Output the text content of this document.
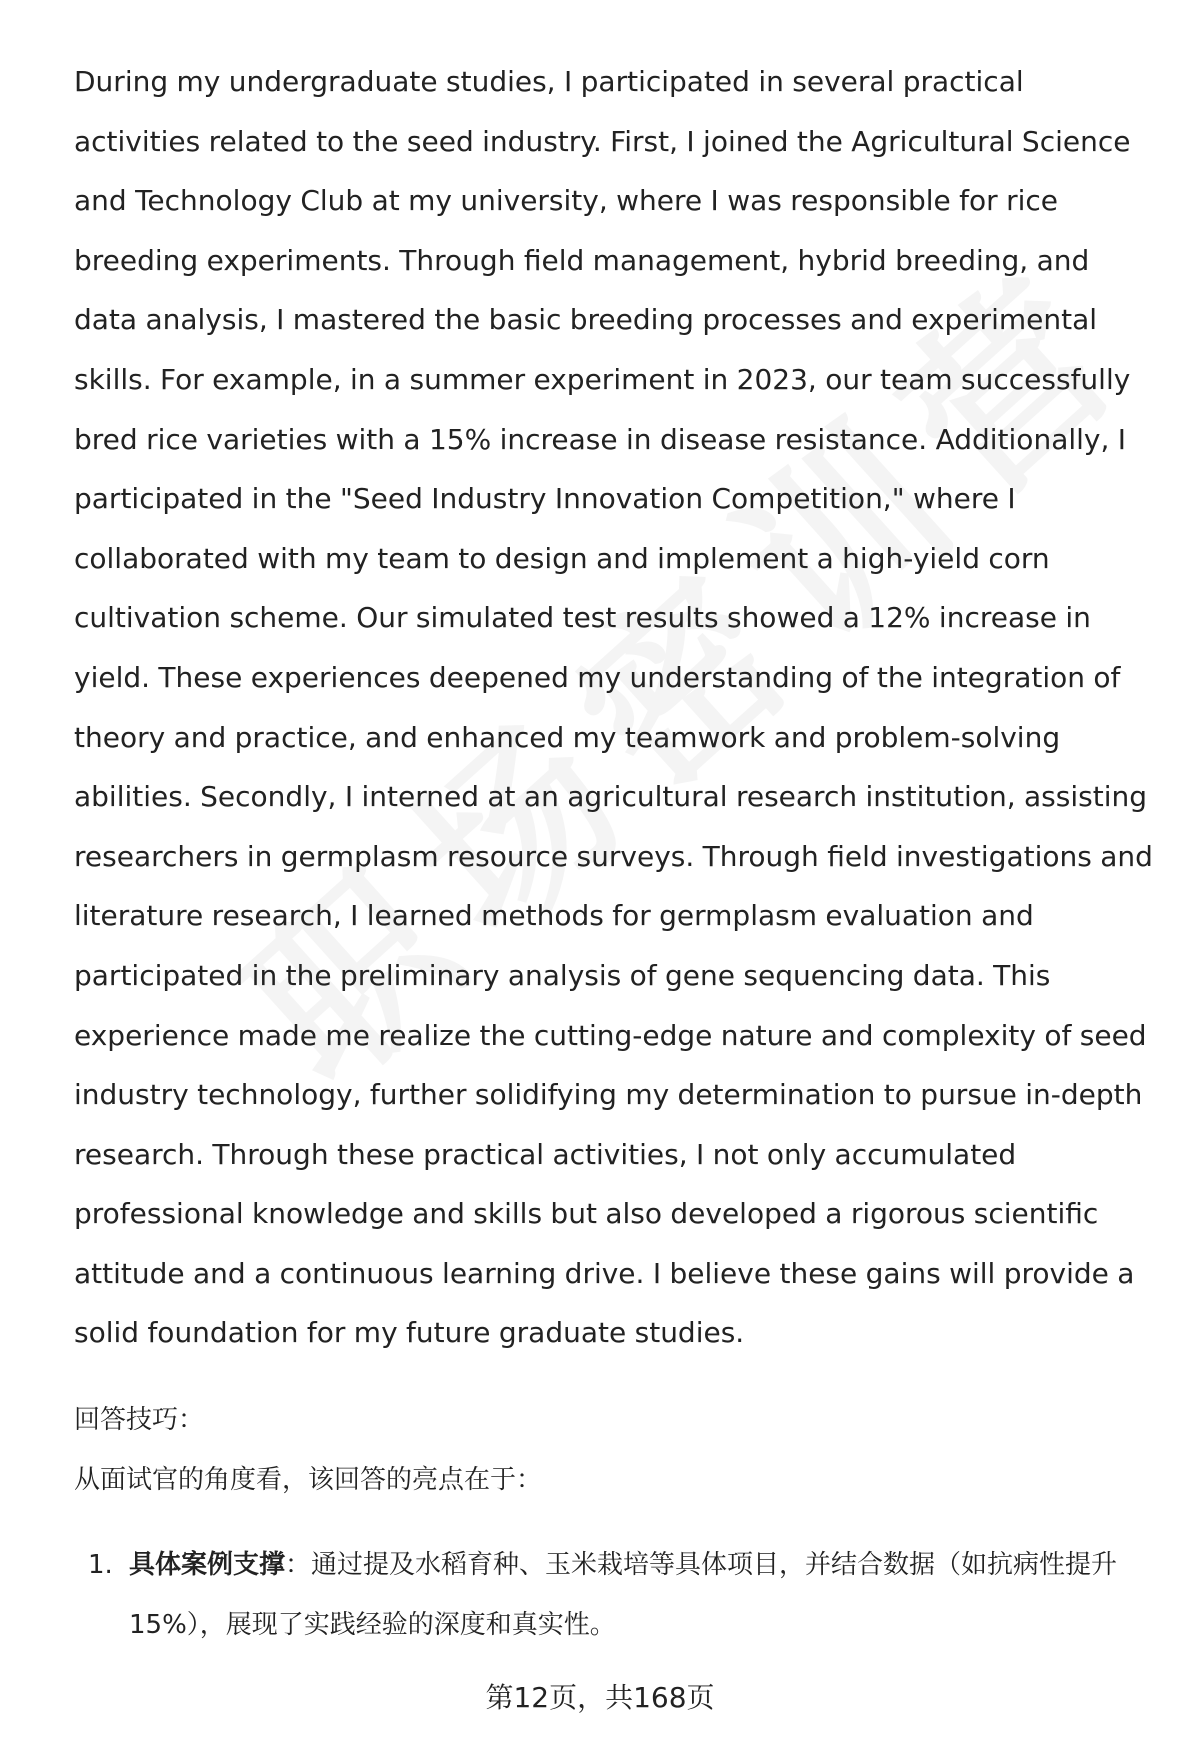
During my undergraduate studies, I participated in several practical activities related to the seed industry. First, I joined the Agricultural Science and Technology Club at my university, where I was responsible for rice breeding experiments. Through field management, hybrid breeding, and data analysis, I mastered the basic breeding processes and experimental skills. For example, in a summer experiment in 2023, our team successfully bred rice varieties with a 15% increase in disease resistance. Additionally, I participated in the "Seed Industry Innovation Competition," where I collaborated with my team to design and implement a high-yield corn cultivation scheme. Our simulated test results showed a 12% increase in yield. These experiences deepened my understanding of the integration of theory and practice, and enhanced my teamwork and problem-solving abilities. Secondly, I interned at an agricultural research institution, assisting researchers in germplasm resource surveys. Through field investigations and literature research, I learned methods for germplasm evaluation and participated in the preliminary analysis of gene sequencing data. This experience made me realize the cutting-edge nature and complexity of seed industry technology, further solidifying my determination to pursue in-depth research. Through these practical activities, I not only accumulated professional knowledge and skills but also developed a rigorous scientific attitude and a continuous learning drive. I believe these gains will provide a solid foundation for my future graduate studies.

回答技巧：

从面试官的角度看，该回答的亮点在于：

1. 具体案例支撑：通过提及水稻育种、玉米栽培等具体项目，并结合数据（如抗病性提升15%），展现了实践经验的深度和真实性。

第12页，共168页
